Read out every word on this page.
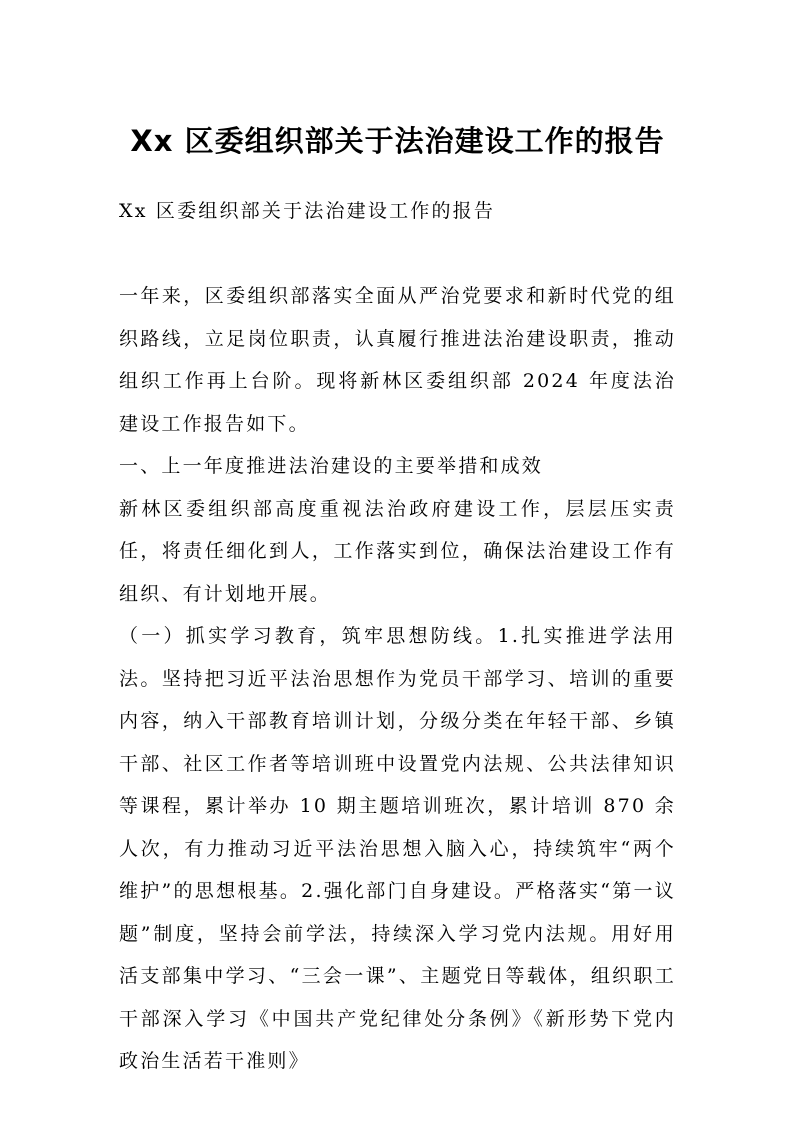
Xx 区委组织部关于法治建设工作的报告

Xx 区委组织部关于法治建设工作的报告

一年来，区委组织部落实全面从严治党要求和新时代党的组织路线，立足岗位职责，认真履行推进法治建设职责，推动组织工作再上台阶。现将新林区委组织部 2024 年度法治建设工作报告如下。

一、上一年度推进法治建设的主要举措和成效

新林区委组织部高度重视法治政府建设工作，层层压实责任，将责任细化到人，工作落实到位，确保法治建设工作有组织、有计划地开展。

（一）抓实学习教育，筑牢思想防线。1.扎实推进学法用法。坚持把习近平法治思想作为党员干部学习、培训的重要内容，纳入干部教育培训计划，分级分类在年轻干部、乡镇干部、社区工作者等培训班中设置党内法规、公共法律知识等课程，累计举办 10 期主题培训班次，累计培训 870 余人次，有力推动习近平法治思想入脑入心，持续筑牢“两个维护”的思想根基。2.强化部门自身建设。严格落实“第一议题”制度，坚持会前学法，持续深入学习党内法规。用好用活支部集中学习、“三会一课”、主题党日等载体，组织职工干部深入学习《中国共产党纪律处分条例》《新形势下党内政治生活若干准则》
